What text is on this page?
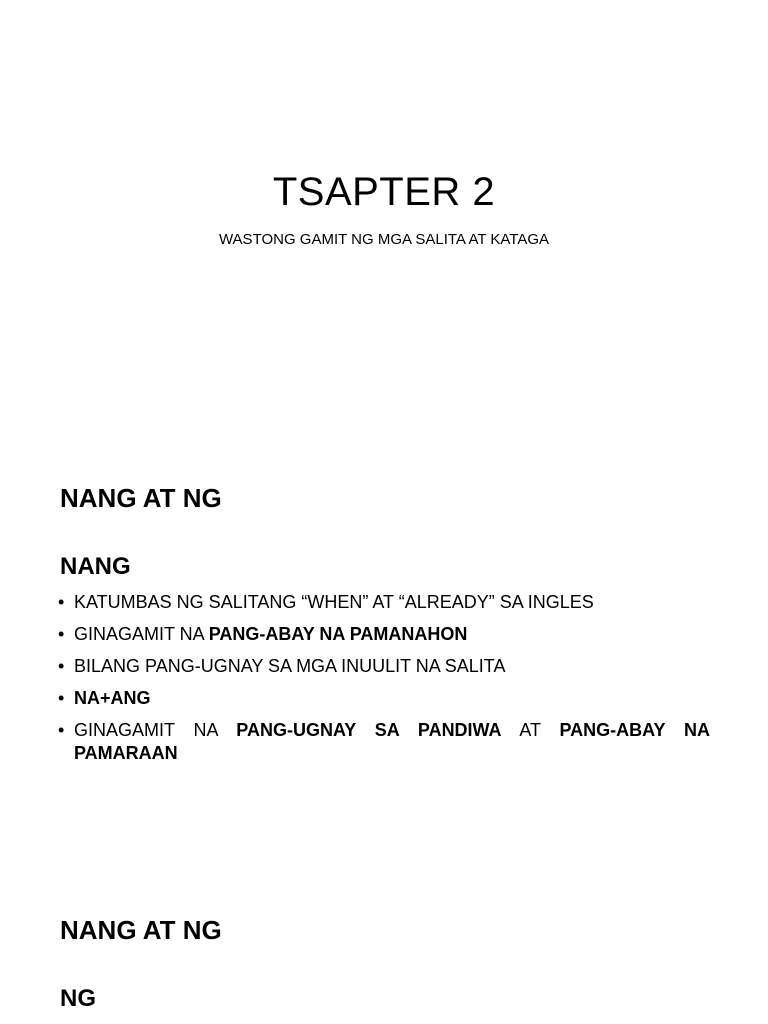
TSAPTER 2

WASTONG GAMIT NG MGA SALITA AT KATAGA

NANG AT NG
NANG
• KATUMBAS NG SALITANG “WHEN” AT “ALREADY” SA INGLES
• GINAGAMIT NA PANG-ABAY NA PAMANAHON
• BILANG PANG-UGNAY SA MGA INUULIT NA SALITA
• NA+ANG
• GINAGAMIT NA PANG-UGNAY SA PANDIWA AT PANG-ABAY NA PAMARAAN
NANG AT NG
NG
